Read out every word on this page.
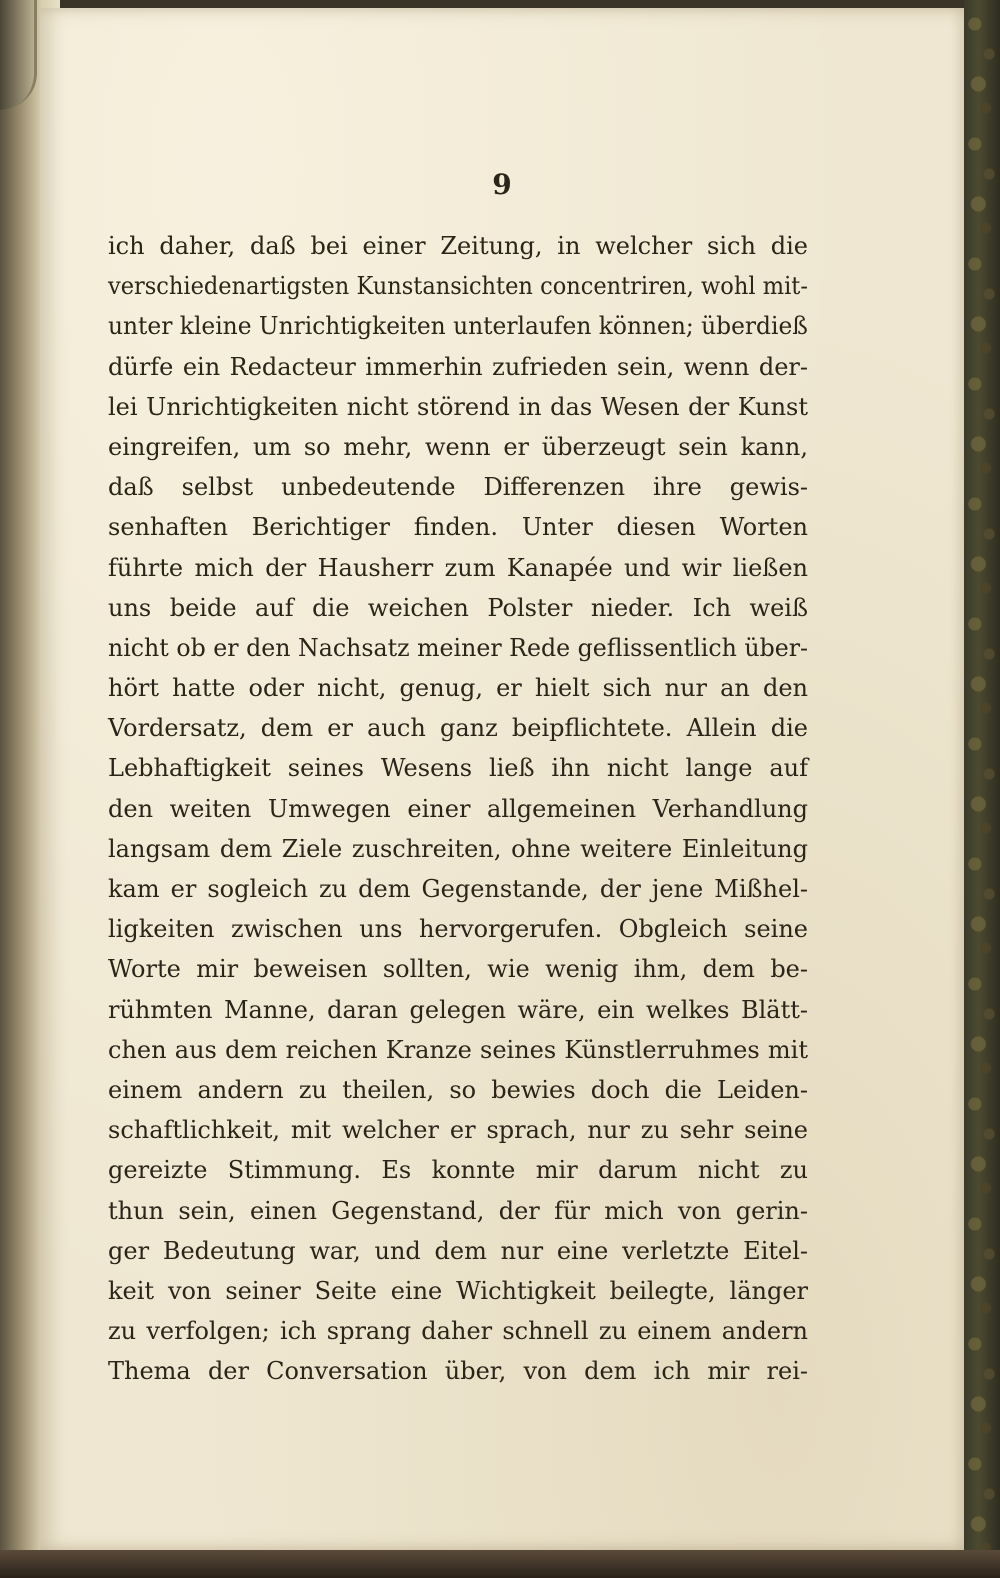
9
ich daher, daß bei einer Zeitung, in welcher sich die
verschiedenartigsten Kunstansichten concentriren, wohl mit-
unter kleine Unrichtigkeiten unterlaufen können; überdieß
dürfe ein Redacteur immerhin zufrieden sein, wenn der-
lei Unrichtigkeiten nicht störend in das Wesen der Kunst
eingreifen, um so mehr, wenn er überzeugt sein kann,
daß selbst unbedeutende Differenzen ihre gewis-
senhaften Berichtiger finden. Unter diesen Worten
führte mich der Hausherr zum Kanapée und wir ließen
uns beide auf die weichen Polster nieder. Ich weiß
nicht ob er den Nachsatz meiner Rede geflissentlich über-
hört hatte oder nicht, genug, er hielt sich nur an den
Vordersatz, dem er auch ganz beipflichtete. Allein die
Lebhaftigkeit seines Wesens ließ ihn nicht lange auf
den weiten Umwegen einer allgemeinen Verhandlung
langsam dem Ziele zuschreiten, ohne weitere Einleitung
kam er sogleich zu dem Gegenstande, der jene Mißhel-
ligkeiten zwischen uns hervorgerufen. Obgleich seine
Worte mir beweisen sollten, wie wenig ihm, dem be-
rühmten Manne, daran gelegen wäre, ein welkes Blätt-
chen aus dem reichen Kranze seines Künstlerruhmes mit
einem andern zu theilen, so bewies doch die Leiden-
schaftlichkeit, mit welcher er sprach, nur zu sehr seine
gereizte Stimmung. Es konnte mir darum nicht zu
thun sein, einen Gegenstand, der für mich von gerin-
ger Bedeutung war, und dem nur eine verletzte Eitel-
keit von seiner Seite eine Wichtigkeit beilegte, länger
zu verfolgen; ich sprang daher schnell zu einem andern
Thema der Conversation über, von dem ich mir rei-
